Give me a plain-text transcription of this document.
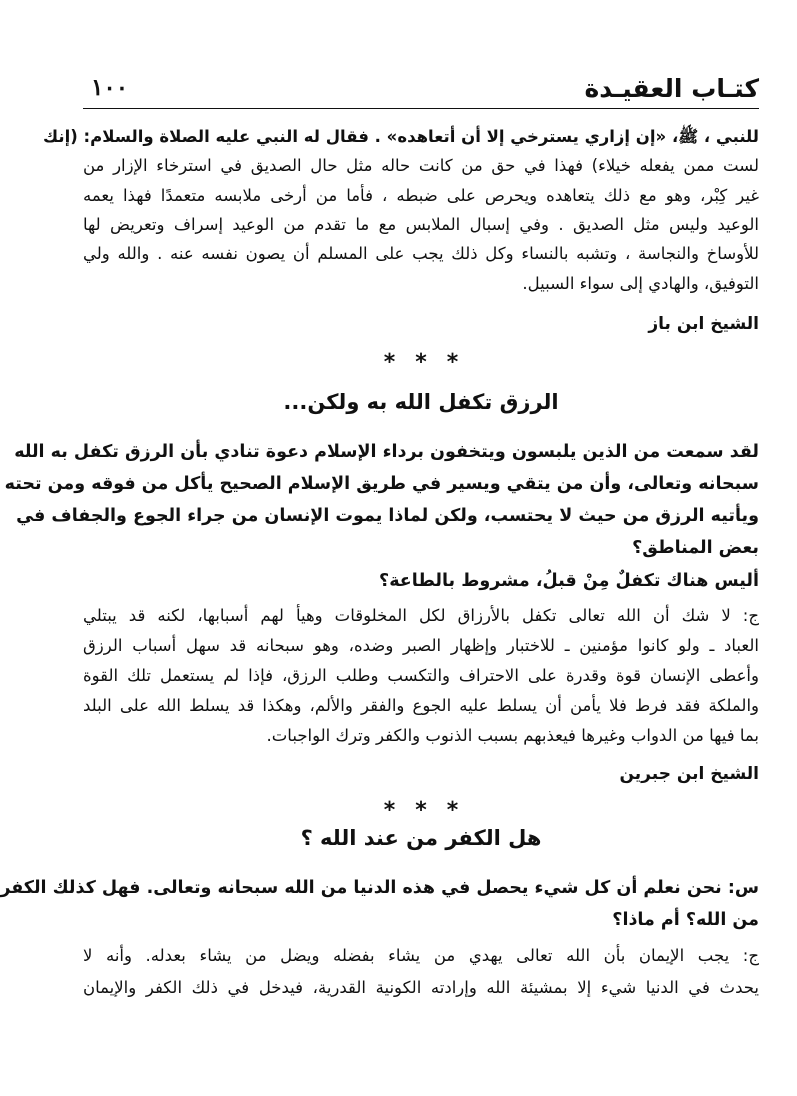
كتـاب العقيـدة
١٠٠
للنبي ، ﷺ، «إن إزاري يسترخي إلا أن أتعاهده» . فقال له النبي عليه الصلاة والسلام: (إنك
لست ممن يفعله خيلاء) فهذا في حق من كانت حاله مثل حال الصديق في استرخاء الإزار من
غير كِبْر، وهو مع ذلك يتعاهده ويحرص على ضبطه ، فأما من أرخى ملابسه متعمدًا فهذا يعمه
الوعيد وليس مثل الصديق . وفي إسبال الملابس مع ما تقدم من الوعيد إسراف وتعريض لها
للأوساخ والنجاسة ، وتشبه بالنساء وكل ذلك يجب على المسلم أن يصون نفسه عنه . والله ولي
التوفيق، والهادي إلى سواء السبيل.
الشيخ ابن باز
***
الرزق تكفل الله به ولكن...
لقد سمعت من الذين يلبسون ويتخفون برداء الإسلام دعوة تنادي بأن الرزق تكفل به الله
سبحانه وتعالى، وأن من يتقي ويسير في طريق الإسلام الصحيح يأكل من فوقه ومن تحته
ويأتيه الرزق من حيث لا يحتسب، ولكن لماذا يموت الإنسان من جراء الجوع والجفاف في
بعض المناطق؟
أليس هناك تكفلٌ مِنْ قبلُ، مشروط بالطاعة؟
ج: لا شك أن الله تعالى تكفل بالأرزاق لكل المخلوقات وهيأ لهم أسبابها، لكنه قد يبتلي
العباد ـ ولو كانوا مؤمنين ـ للاختبار وإظهار الصبر وضده، وهو سبحانه قد سهل أسباب الرزق
وأعطى الإنسان قوة وقدرة على الاحتراف والتكسب وطلب الرزق، فإذا لم يستعمل تلك القوة
والملكة فقد فرط فلا يأمن أن يسلط عليه الجوع والفقر والألم، وهكذا قد يسلط الله على البلد
بما فيها من الدواب وغيرها فيعذبهم بسبب الذنوب والكفر وترك الواجبات.
الشيخ ابن جبرين
***
هل الكفر من عند الله ؟
س: نحن نعلم أن كل شيء يحصل في هذه الدنيا من الله سبحانه وتعالى. فهل كذلك الكفر
من الله؟ أم ماذا؟
ج: يجب الإيمان بأن الله تعالى يهدي من يشاء بفضله ويضل من يشاء بعدله. وأنه لا
يحدث في الدنيا شيء إلا بمشيئة الله وإرادته الكونية القدرية، فيدخل في ذلك الكفر والإيمان
